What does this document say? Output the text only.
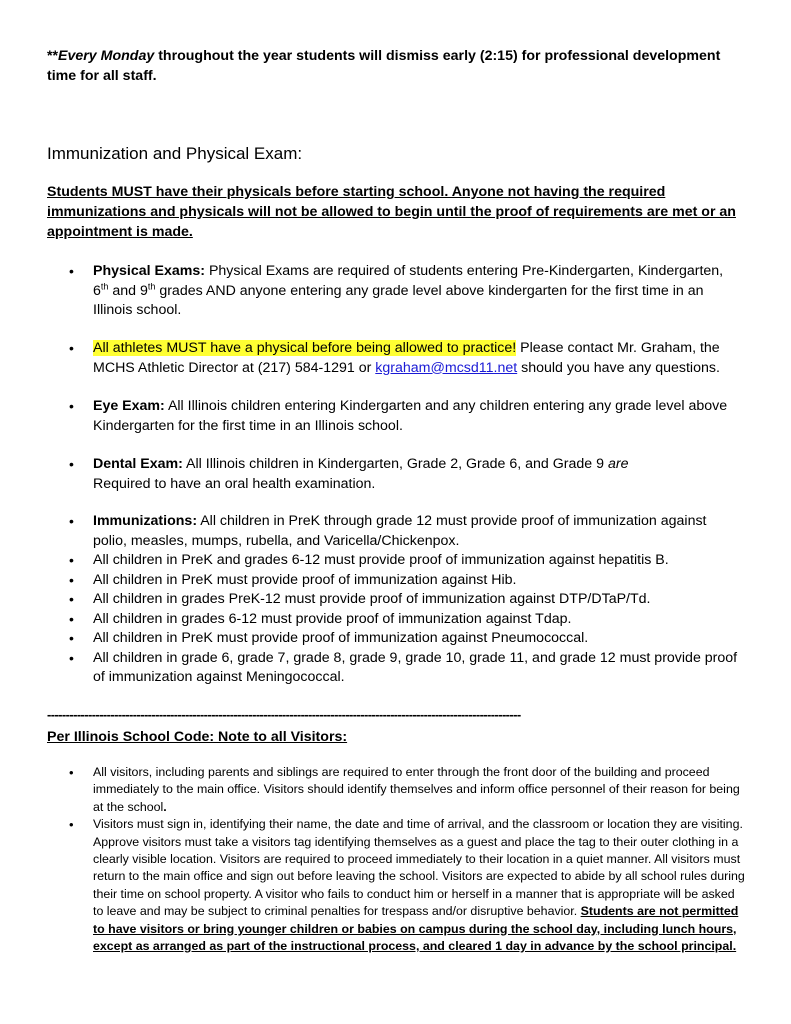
**Every Monday throughout the year students will dismiss early (2:15) for professional development time for all staff.
Immunization and Physical Exam:
Students MUST have their physicals before starting school. Anyone not having the required immunizations and physicals will not be allowed to begin until the proof of requirements are met or an appointment is made.
• Physical Exams: Physical Exams are required of students entering Pre-Kindergarten, Kindergarten, 6th and 9th grades AND anyone entering any grade level above kindergarten for the first time in an Illinois school.
• All athletes MUST have a physical before being allowed to practice! Please contact Mr. Graham, the MCHS Athletic Director at (217) 584-1291 or kgraham@mcsd11.net should you have any questions.
• Eye Exam: All Illinois children entering Kindergarten and any children entering any grade level above Kindergarten for the first time in an Illinois school.
• Dental Exam: All Illinois children in Kindergarten, Grade 2, Grade 6, and Grade 9 are
Required to have an oral health examination.
• Immunizations: All children in PreK through grade 12 must provide proof of immunization against polio, measles, mumps, rubella, and Varicella/Chickenpox.
• All children in PreK and grades 6-12 must provide proof of immunization against hepatitis B.
• All children in PreK must provide proof of immunization against Hib.
• All children in grades PreK-12 must provide proof of immunization against DTP/DTaP/Td.
• All children in grades 6-12 must provide proof of immunization against Tdap.
• All children in PreK must provide proof of immunization against Pneumococcal.
• All children in grade 6, grade 7, grade 8, grade 9, grade 10, grade 11, and grade 12 must provide proof of immunization against Meningococcal.
-------------------------------------------------------------------------------------------------------------------------------
Per Illinois School Code: Note to all Visitors:
• All visitors, including parents and siblings are required to enter through the front door of the building and proceed immediately to the main office. Visitors should identify themselves and inform office personnel of their reason for being at the school.
• Visitors must sign in, identifying their name, the date and time of arrival, and the classroom or location they are visiting. Approve visitors must take a visitors tag identifying themselves as a guest and place the tag to their outer clothing in a clearly visible location. Visitors are required to proceed immediately to their location in a quiet manner. All visitors must return to the main office and sign out before leaving the school. Visitors are expected to abide by all school rules during their time on school property. A visitor who fails to conduct him or herself in a manner that is appropriate will be asked to leave and may be subject to criminal penalties for trespass and/or disruptive behavior. Students are not permitted to have visitors or bring younger children or babies on campus during the school day, including lunch hours, except as arranged as part of the instructional process, and cleared 1 day in advance by the school principal.
